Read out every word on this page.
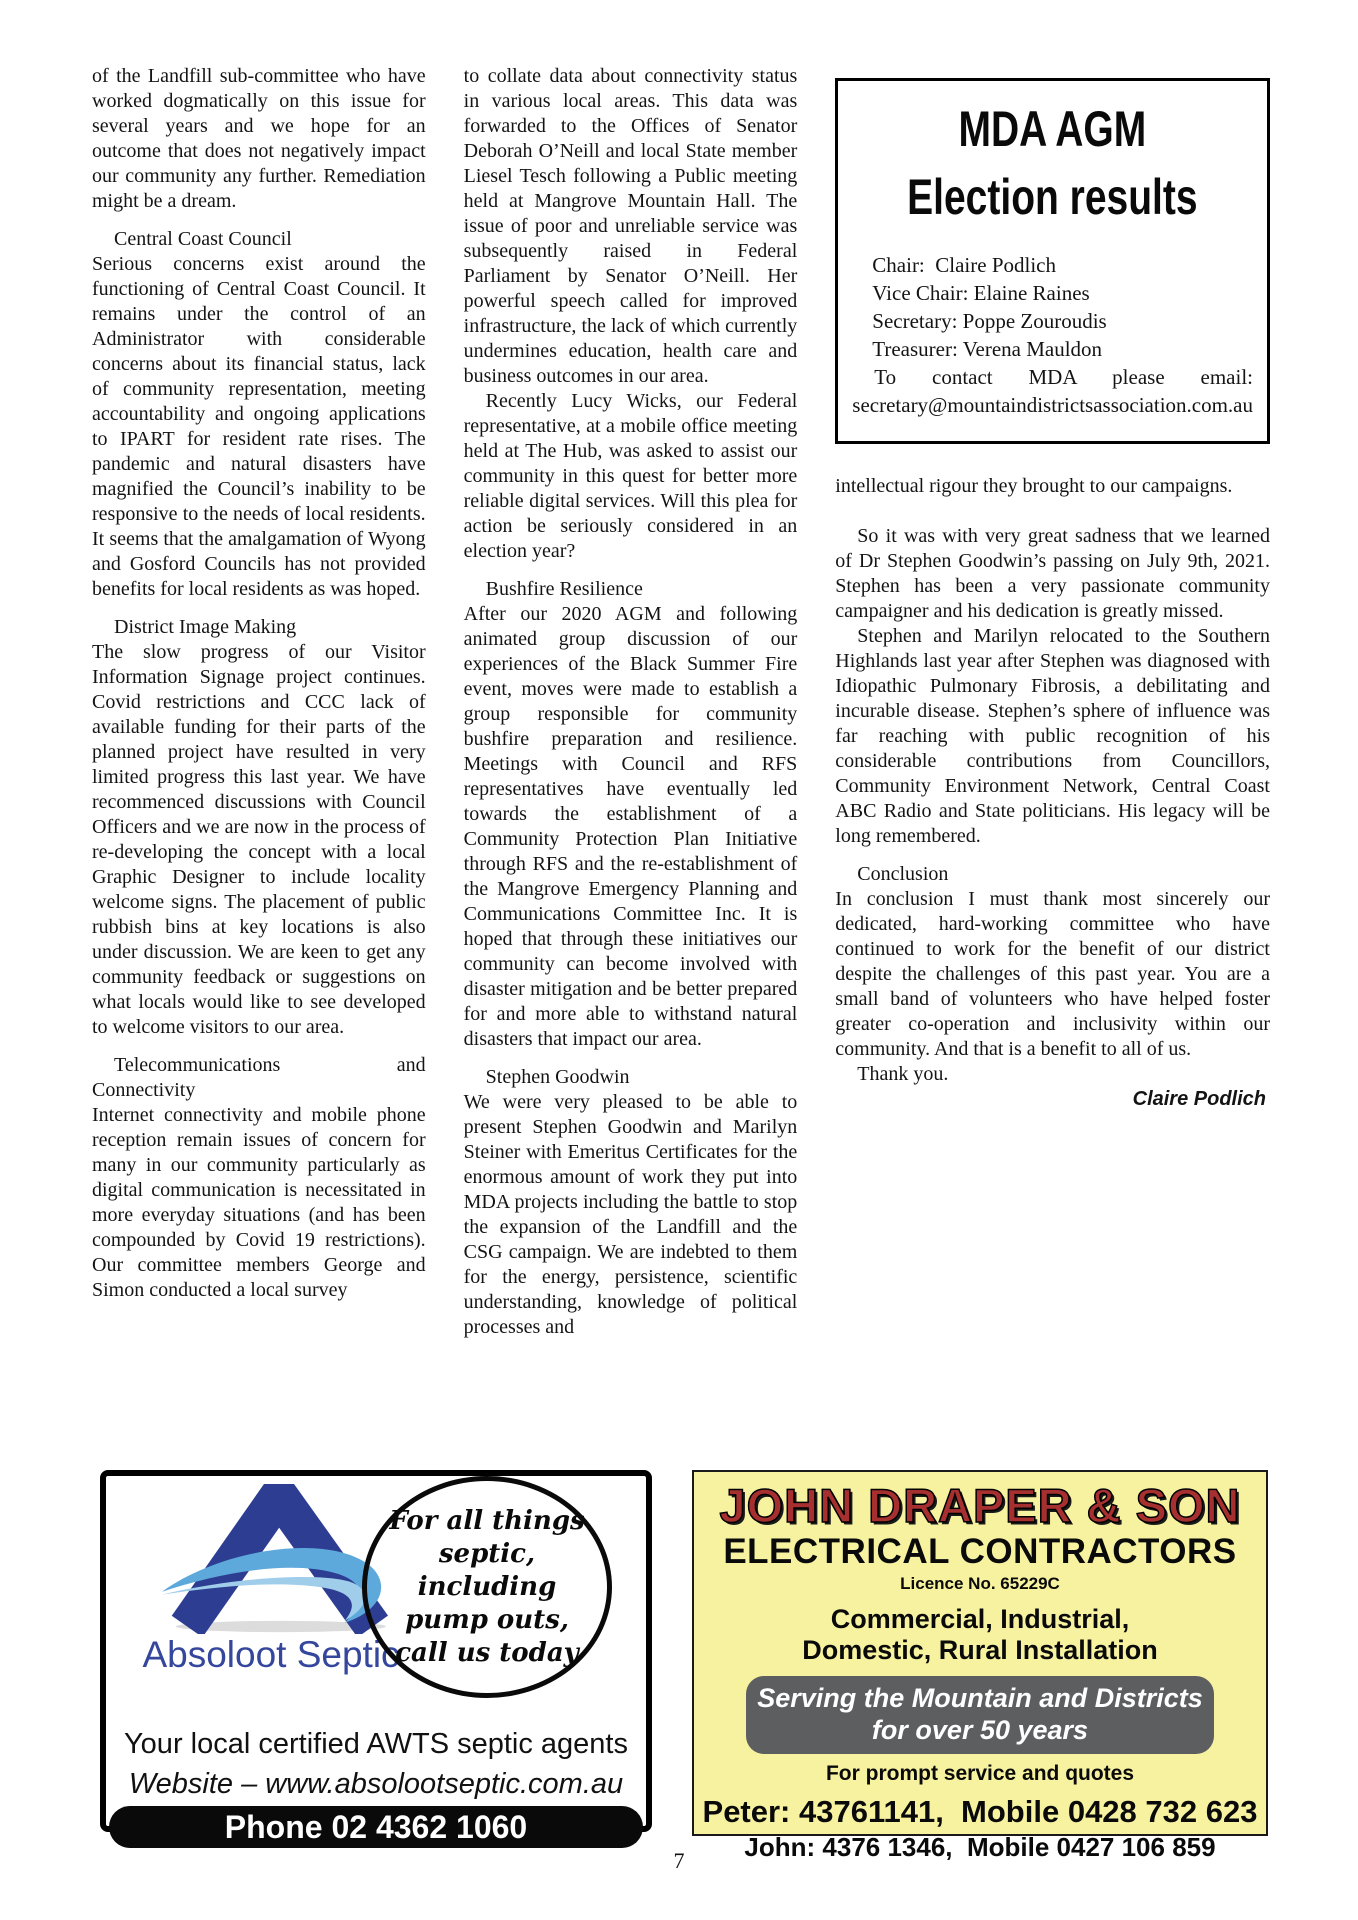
of the Landfill sub-committee who have worked dogmatically on this issue for several years and we hope for an outcome that does not negatively impact our community any further. Remediation might be a dream.

Central Coast Council

Serious concerns exist around the functioning of Central Coast Council. It remains under the control of an Administrator with considerable concerns about its financial status, lack of community representation, meeting accountability and ongoing applications to IPART for resident rate rises. The pandemic and natural disasters have magnified the Council’s inability to be responsive to the needs of local residents. It seems that the amalgamation of Wyong and Gosford Councils has not provided benefits for local residents as was hoped.

District Image Making

The slow progress of our Visitor Information Signage project continues. Covid restrictions and CCC lack of available funding for their parts of the planned project have resulted in very limited progress this last year. We have recommenced discussions with Council Officers and we are now in the process of re-developing the concept with a local Graphic Designer to include locality welcome signs. The placement of public rubbish bins at key locations is also under discussion. We are keen to get any community feedback or suggestions on what locals would like to see developed to welcome visitors to our area.

Telecommunications	and
Connectivity

Internet connectivity and mobile phone reception remain issues of concern for many in our community particularly as digital communication is necessitated in more everyday situations (and has been compounded by Covid 19 restrictions). Our committee members George and Simon conducted a local survey

to collate data about connectivity status in various local areas. This data was forwarded to the Offices of Senator Deborah O’Neill and local State member Liesel Tesch following a Public meeting held at Mangrove Mountain Hall. The issue of poor and unreliable service was subsequently raised in Federal Parliament by Senator O’Neill. Her powerful speech called for improved infrastructure, the lack of which currently undermines education, health care and business outcomes in our area.

Recently Lucy Wicks, our Federal representative, at a mobile office meeting held at The Hub, was asked to assist our community in this quest for better more reliable digital services. Will this plea for action be seriously considered in an election year?

Bushfire Resilience

After our 2020 AGM and following animated group discussion of our experiences of the Black Summer Fire event, moves were made to establish a group responsible for community bushfire preparation and resilience. Meetings with Council and RFS representatives have eventually led towards the establishment of a Community Protection Plan Initiative through RFS and the re-establishment of the Mangrove Emergency Planning and Communications Committee Inc. It is hoped that through these initiatives our community can become involved with disaster mitigation and be better prepared for and more able to withstand natural disasters that impact our area.

Stephen Goodwin

We were very pleased to be able to present Stephen Goodwin and Marilyn Steiner with Emeritus Certificates for the enormous amount of work they put into MDA projects including the battle to stop the expansion of the Landfill and the CSG campaign. We are indebted to them for the energy, persistence, scientific understanding, knowledge of political processes and

MDA AGM
Election results
Chair:  Claire Podlich
Vice Chair: Elaine Raines
Secretary: Poppe Zouroudis
Treasurer: Verena Mauldon

To contact MDA please email: secretary@mountaindistrictsassociation.com.au

intellectual rigour they brought to our campaigns.

So it was with very great sadness that we learned of Dr Stephen Goodwin’s passing on July 9th, 2021. Stephen has been a very passionate community campaigner and his dedication is greatly missed.

Stephen and Marilyn relocated to the Southern Highlands last year after Stephen was diagnosed with Idiopathic Pulmonary Fibrosis, a debilitating and incurable disease. Stephen’s sphere of influence was far reaching with public recognition of his considerable contributions from Councillors, Community Environment Network, Central Coast ABC Radio and State politicians. His legacy will be long remembered.

Conclusion

In conclusion I must thank most sincerely our dedicated, hard-working committee who have continued to work for the benefit of our district despite the challenges of this past year. You are a small band of volunteers who have helped foster greater co-operation and inclusivity within our community. And that is a benefit to all of us.

Thank you.

Claire Podlich

Absoloot Septic
For all things septic, including pump outs, call us today
Your local certified AWTS septic agents
Website – www.absolootseptic.com.au
Phone 02 4362 1060
JOHN DRAPER & SON
ELECTRICAL CONTRACTORS
Licence No. 65229C
Commercial, Industrial,
Domestic, Rural Installation
Serving the Mountain and Districts
for over 50 years
For prompt service and quotes
Peter: 43761141,  Mobile 0428 732 623
John: 4376 1346,  Mobile 0427 106 859
7
